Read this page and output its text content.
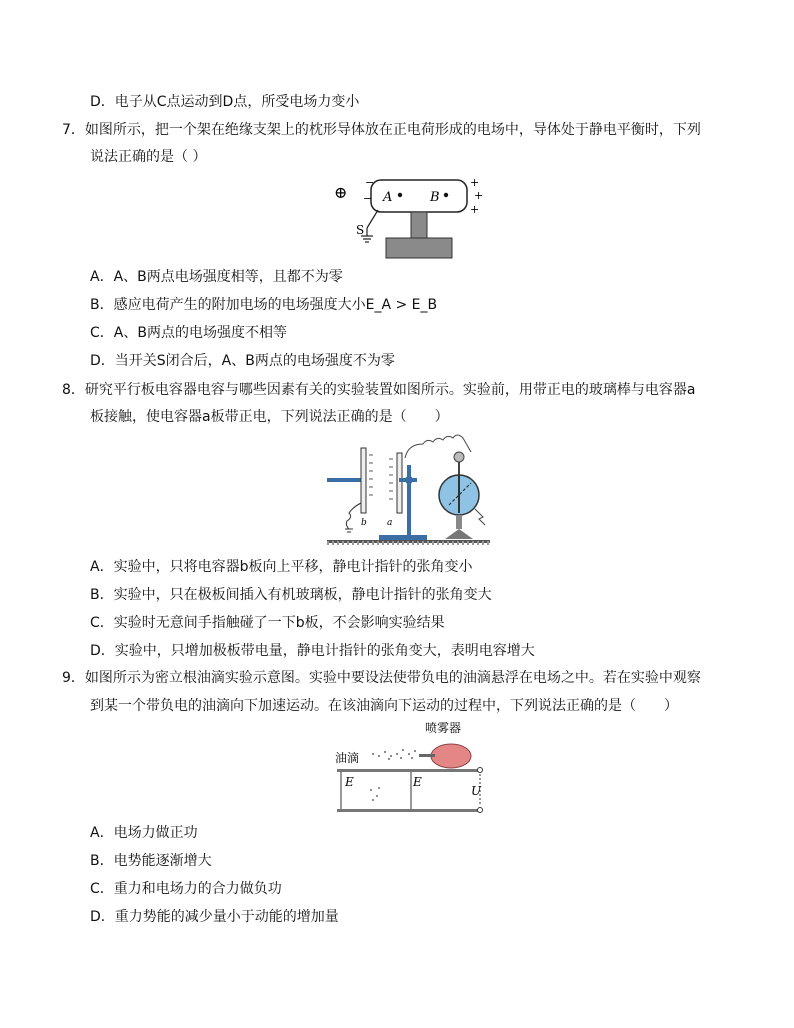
D．电子从C点运动到D点，所受电场力变小
7．如图所示，把一个架在绝缘支架上的枕形导体放在正电荷形成的电场中，导体处于静电平衡时，下列
说法正确的是（ ）
⊕
−
−
+
+
+
A	B
S
A．A、B两点电场强度相等，且都不为零
B．感应电荷产生的附加电场的电场强度大小E_A > E_B
C．A、B两点的电场强度不相等
D．当开关S闭合后，A、B两点的电场强度不为零
8．研究平行板电容器电容与哪些因素有关的实验装置如图所示。实验前，用带正电的玻璃棒与电容器a
板接触，使电容器a板带正电，下列说法正确的是（　　）
b a
A．实验中，只将电容器b板向上平移，静电计指针的张角变小
B．实验中，只在极板间插入有机玻璃板，静电计指针的张角变大
C．实验时无意间手指触碰了一下b板，不会影响实验结果
D．实验中，只增加极板带电量，静电计指针的张角变大，表明电容增大
9．如图所示为密立根油滴实验示意图。实验中要设法使带负电的油滴悬浮在电场之中。若在实验中观察
到某一个带负电的油滴向下加速运动。在该油滴向下运动的过程中，下列说法正确的是（　　）
喷雾器
油滴
E	E
U
A．电场力做正功
B．电势能逐渐增大
C．重力和电场力的合力做负功
D．重力势能的减少量小于动能的增加量
